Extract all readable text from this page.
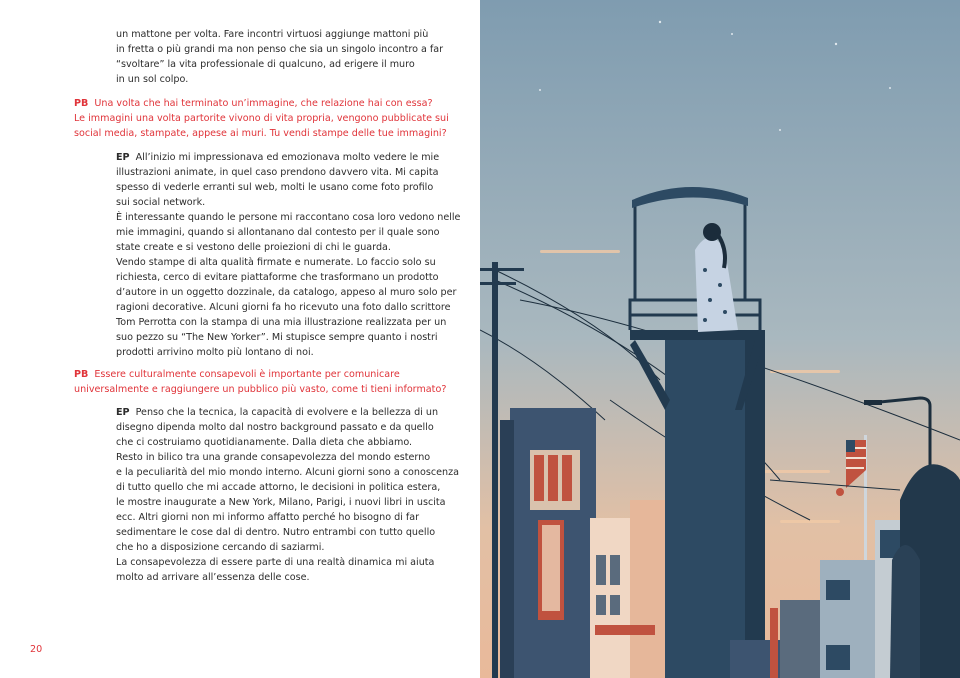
un mattone per volta. Fare incontri virtuosi aggiunge mattoni più
in fretta o più grandi ma non penso che sia un singolo incontro a far
“svoltare” la vita professionale di qualcuno, ad erigere il muro
in un sol colpo.
PB Una volta che hai terminato un’immagine, che relazione hai con essa?
Le immagini una volta partorite vivono di vita propria, vengono pubblicate sui
social media, stampate, appese ai muri. Tu vendi stampe delle tue immagini?
EP All’inizio mi impressionava ed emozionava molto vedere le mie
illustrazioni animate, in quel caso prendono davvero vita. Mi capita
spesso di vederle erranti sul web, molti le usano come foto profilo
sui social network.
È interessante quando le persone mi raccontano cosa loro vedono nelle
mie immagini, quando si allontanano dal contesto per il quale sono
state create e si vestono delle proiezioni di chi le guarda.
Vendo stampe di alta qualità firmate e numerate. Lo faccio solo su
richiesta, cerco di evitare piattaforme che trasformano un prodotto
d’autore in un oggetto dozzinale, da catalogo, appeso al muro solo per
ragioni decorative. Alcuni giorni fa ho ricevuto una foto dallo scrittore
Tom Perrotta con la stampa di una mia illustrazione realizzata per un
suo pezzo su “The New Yorker”. Mi stupisce sempre quanto i nostri
prodotti arrivino molto più lontano di noi.
PB Essere culturalmente consapevoli è importante per comunicare
universalmente e raggiungere un pubblico più vasto, come ti tieni informato?
EP Penso che la tecnica, la capacità di evolvere e la bellezza di un
disegno dipenda molto dal nostro background passato e da quello
che ci costruiamo quotidianamente. Dalla dieta che abbiamo.
Resto in bilico tra una grande consapevolezza del mondo esterno
e la peculiarità del mio mondo interno. Alcuni giorni sono a conoscenza
di tutto quello che mi accade attorno, le decisioni in politica estera,
le mostre inaugurate a New York, Milano, Parigi, i nuovi libri in uscita
ecc. Altri giorni non mi informo affatto perché ho bisogno di far
sedimentare le cose dal di dentro. Nutro entrambi con tutto quello
che ho a disposizione cercando di saziarmi.
La consapevolezza di essere parte di una realtà dinamica mi aiuta
molto ad arrivare all’essenza delle cose.
20
